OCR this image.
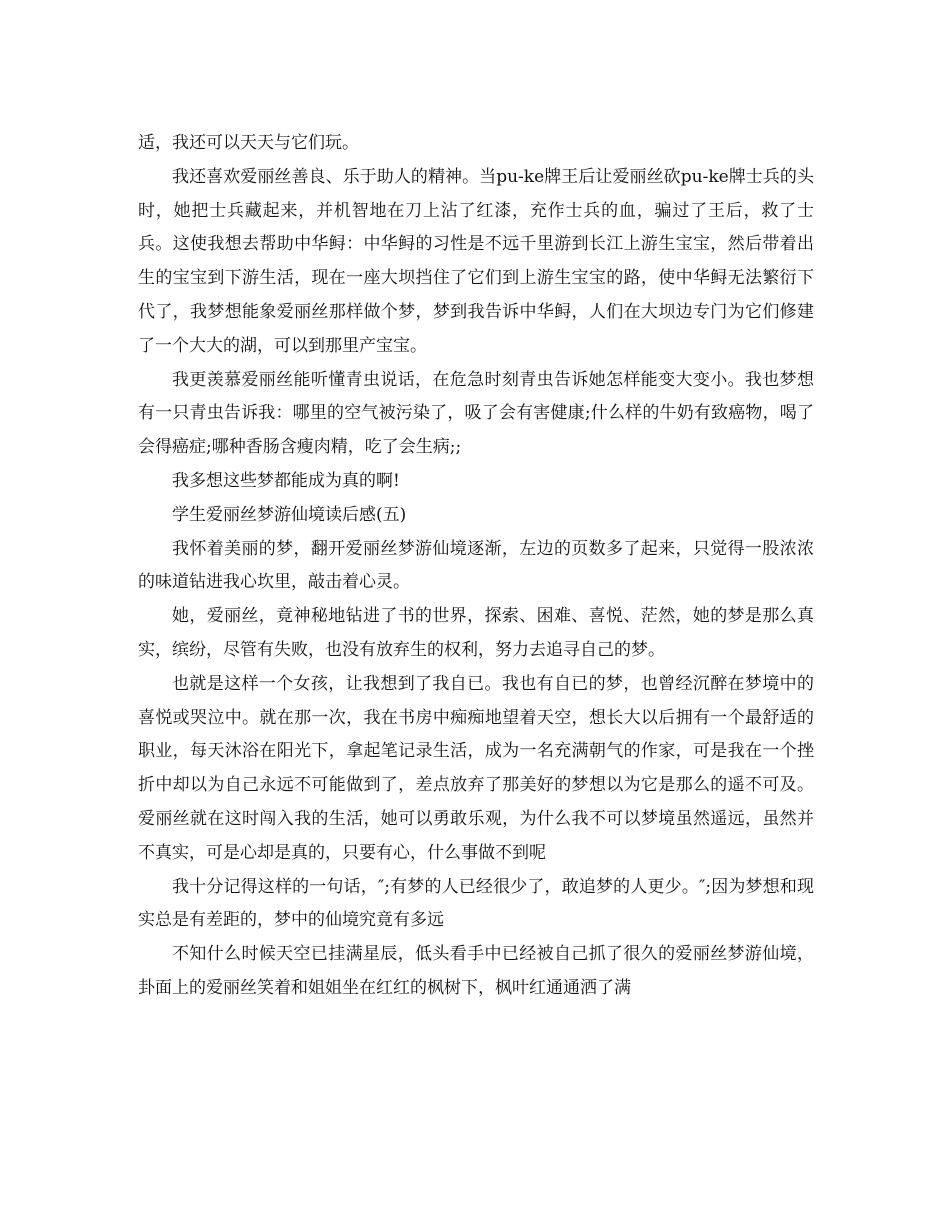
适，我还可以天天与它们玩。

我还喜欢爱丽丝善良、乐于助人的精神。当pu-ke牌王后让爱丽丝砍pu-ke牌士兵的头时，她把士兵藏起来，并机智地在刀上沾了红漆，充作士兵的血，骗过了王后，救了士兵。这使我想去帮助中华鲟：中华鲟的习性是不远千里游到长江上游生宝宝，然后带着出生的宝宝到下游生活，现在一座大坝挡住了它们到上游生宝宝的路，使中华鲟无法繁衍下代了，我梦想能象爱丽丝那样做个梦，梦到我告诉中华鲟，人们在大坝边专门为它们修建了一个大大的湖，可以到那里产宝宝。

我更羡慕爱丽丝能听懂青虫说话，在危急时刻青虫告诉她怎样能变大变小。我也梦想有一只青虫告诉我：哪里的空气被污染了，吸了会有害健康;什么样的牛奶有致癌物，喝了会得癌症;哪种香肠含瘦肉精，吃了会生病;;

我多想这些梦都能成为真的啊!

学生爱丽丝梦游仙境读后感(五)

我怀着美丽的梦，翻开爱丽丝梦游仙境逐渐，左边的页数多了起来，只觉得一股浓浓的味道钻进我心坎里，敲击着心灵。

她，爱丽丝，竟神秘地钻进了书的世界，探索、困难、喜悦、茫然，她的梦是那么真实，缤纷，尽管有失败，也没有放弃生的权利，努力去追寻自己的梦。

也就是这样一个女孩，让我想到了我自已。我也有自已的梦，也曾经沉醉在梦境中的喜悦或哭泣中。就在那一次，我在书房中痴痴地望着天空，想长大以后拥有一个最舒适的职业，每天沐浴在阳光下，拿起笔记录生活，成为一名充满朝气的作家，可是我在一个挫折中却以为自己永远不可能做到了，差点放弃了那美好的梦想以为它是那么的遥不可及。爱丽丝就在这时闯入我的生活，她可以勇敢乐观，为什么我不可以梦境虽然遥远，虽然并不真实，可是心却是真的，只要有心，什么事做不到呢

我十分记得这样的一句话，″;有梦的人已经很少了，敢追梦的人更少。″;因为梦想和现实总是有差距的，梦中的仙境究竟有多远

不知什么时候天空已挂满星辰，低头看手中已经被自己抓了很久的爱丽丝梦游仙境，卦面上的爱丽丝笑着和姐姐坐在红红的枫树下，枫叶红通通洒了满
